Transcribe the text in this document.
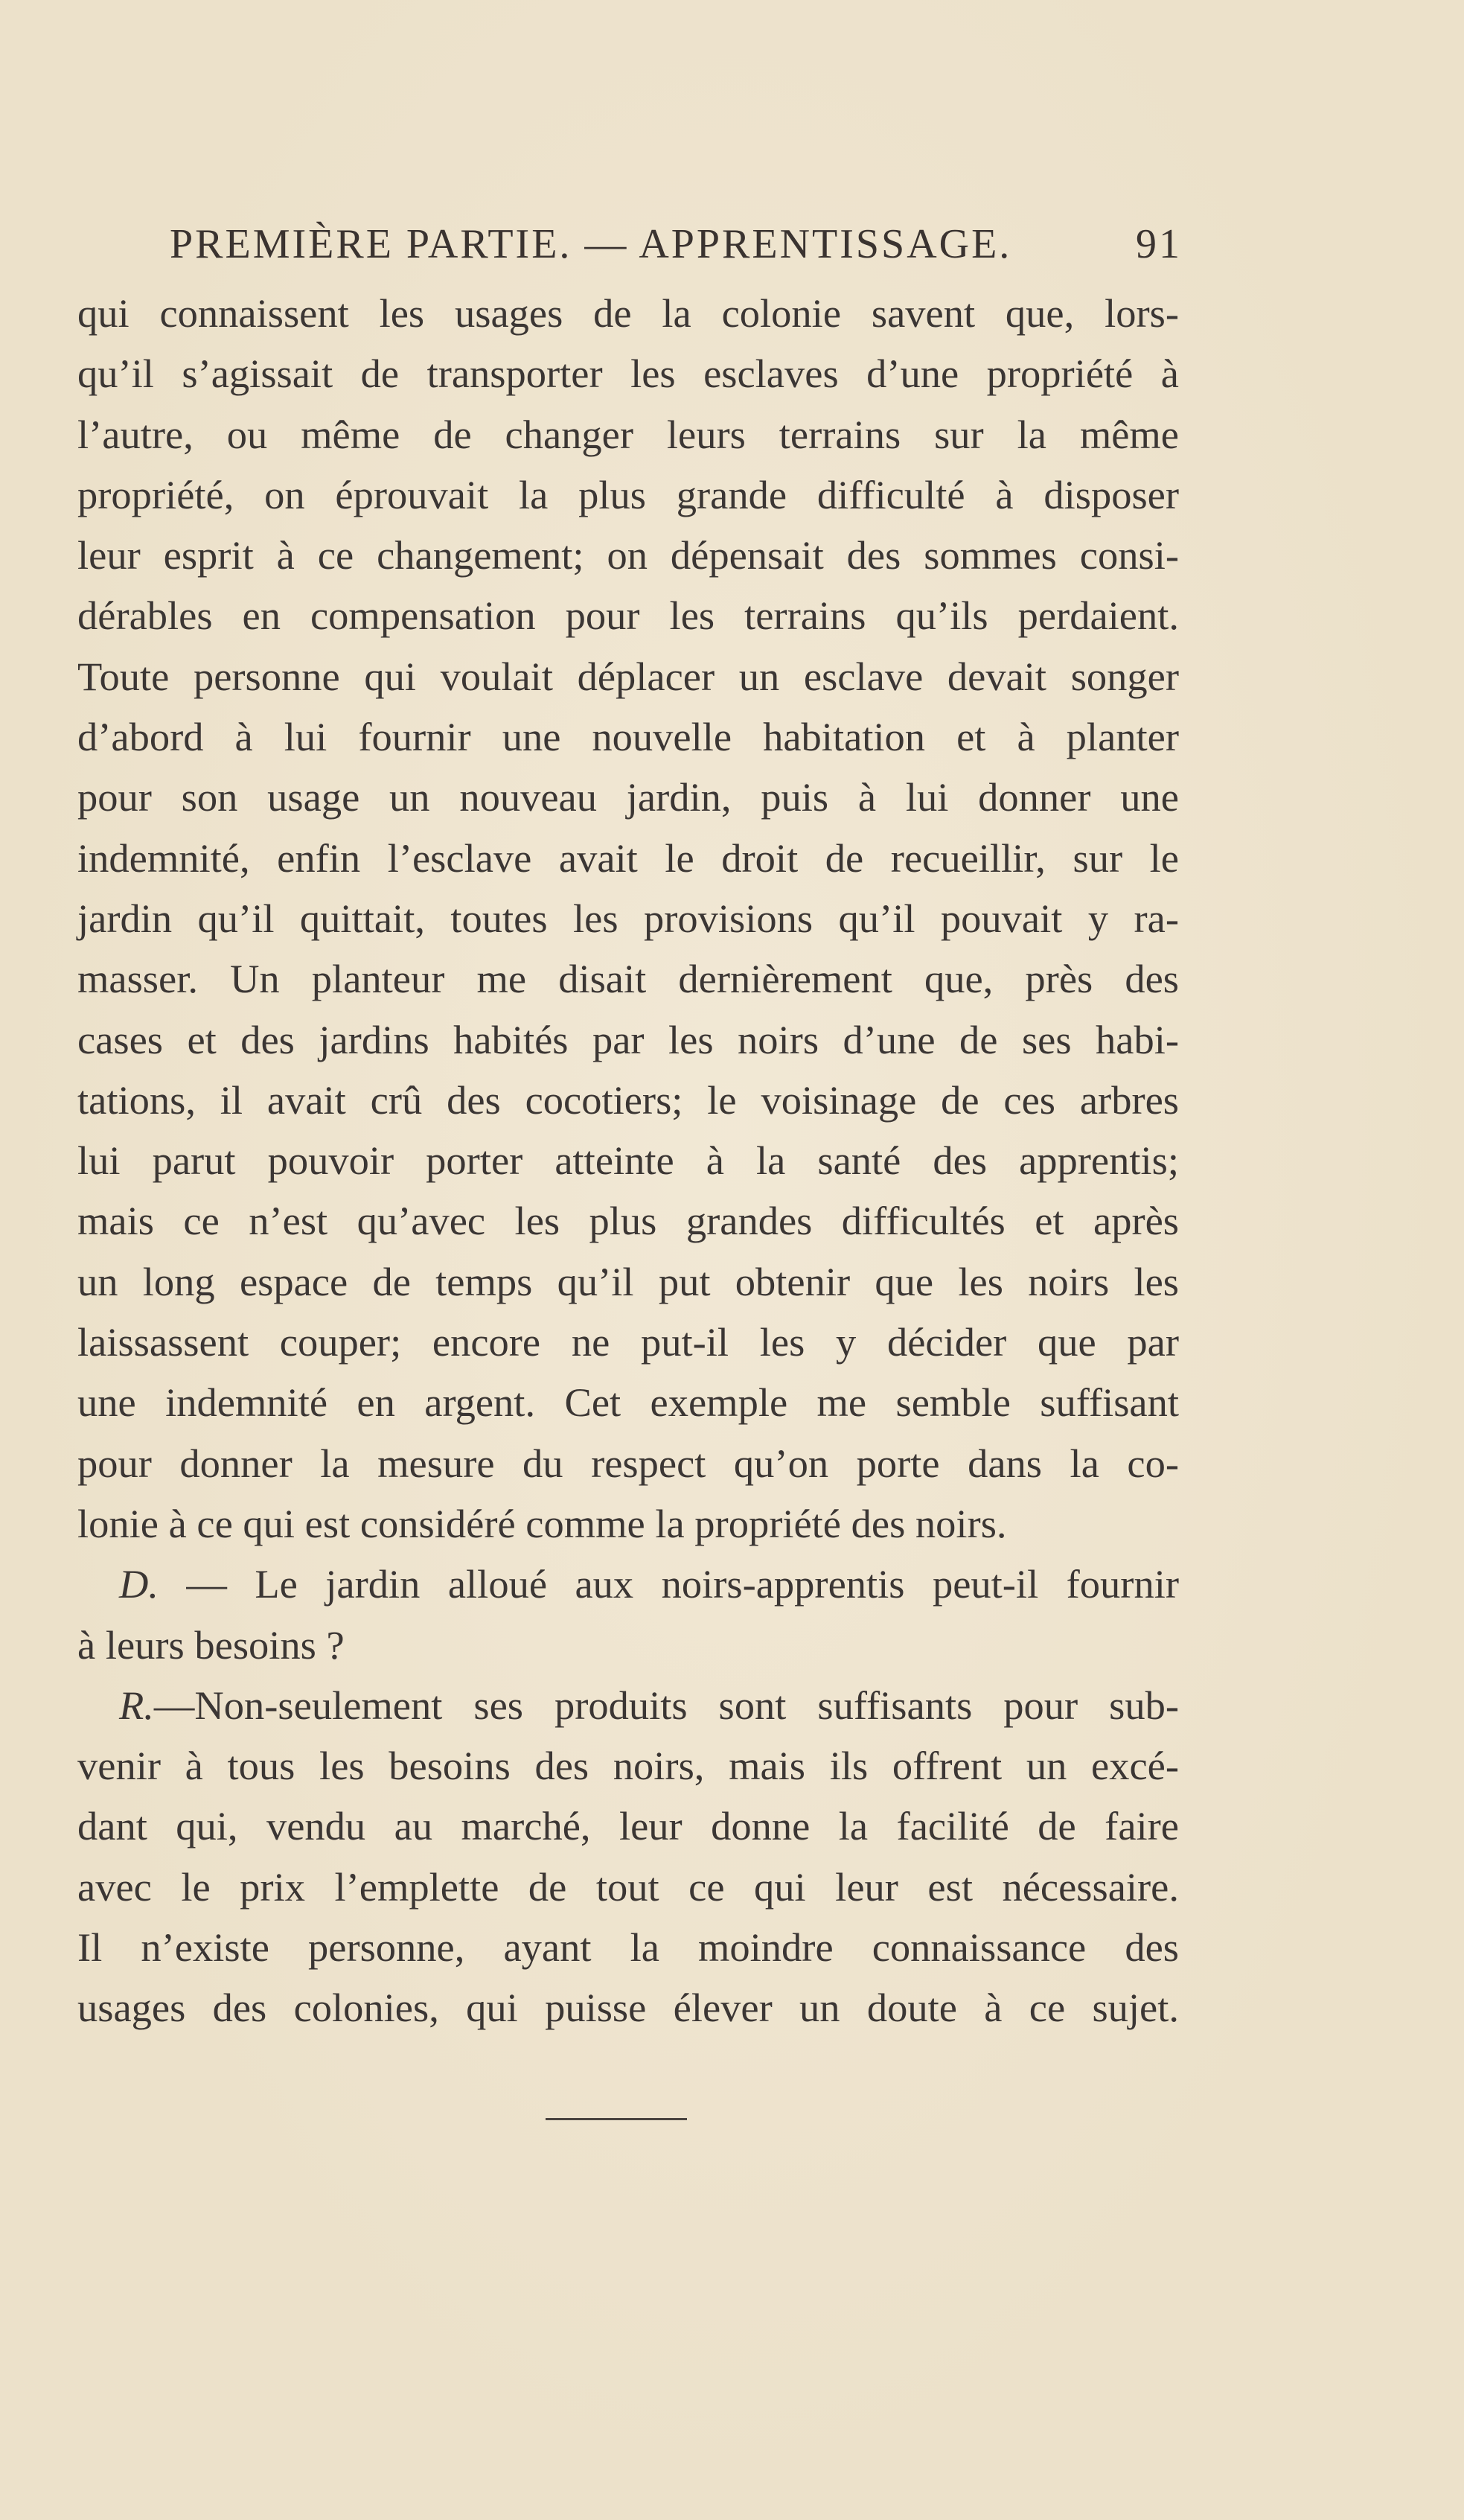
PREMIÈRE PARTIE. — APPRENTISSAGE.	91
qui connaissent les usages de la colonie savent que, lors-
qu’il s’agissait de transporter les esclaves d’une propriété à
l’autre, ou même de changer leurs terrains sur la même
propriété, on éprouvait la plus grande difficulté à disposer
leur esprit à ce changement; on dépensait des sommes consi-
dérables en compensation pour les terrains qu’ils perdaient.
Toute personne qui voulait déplacer un esclave devait songer
d’abord à lui fournir une nouvelle habitation et à planter
pour son usage un nouveau jardin, puis à lui donner une
indemnité, enfin l’esclave avait le droit de recueillir, sur le
jardin qu’il quittait, toutes les provisions qu’il pouvait y ra-
masser. Un planteur me disait dernièrement que, près des
cases et des jardins habités par les noirs d’une de ses habi-
tations, il avait crû des cocotiers; le voisinage de ces arbres
lui parut pouvoir porter atteinte à la santé des apprentis;
mais ce n’est qu’avec les plus grandes difficultés et après
un long espace de temps qu’il put obtenir que les noirs les
laissassent couper; encore ne put-il les y décider que par
une indemnité en argent. Cet exemple me semble suffisant
pour donner la mesure du respect qu’on porte dans la co-
lonie à ce qui est considéré comme la propriété des noirs.
D. — Le jardin alloué aux noirs-apprentis peut-il fournir
à leurs besoins ?
R.—Non-seulement ses produits sont suffisants pour sub-
venir à tous les besoins des noirs, mais ils offrent un excé-
dant qui, vendu au marché, leur donne la facilité de faire
avec le prix l’emplette de tout ce qui leur est nécessaire.
Il n’existe personne, ayant la moindre connaissance des
usages des colonies, qui puisse élever un doute à ce sujet.
